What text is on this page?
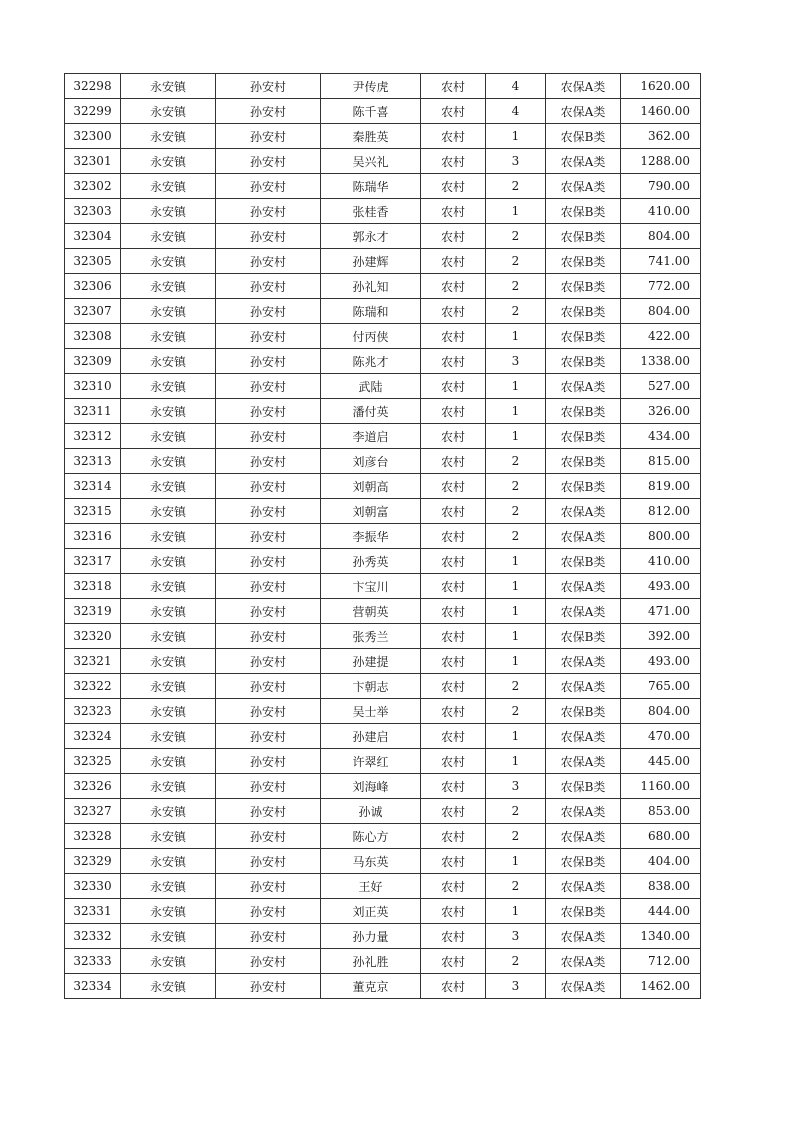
32298	永安镇	孙安村	尹传虎	农村	4	农保A类	1620.00
32299	永安镇	孙安村	陈千喜	农村	4	农保A类	1460.00
32300	永安镇	孙安村	秦胜英	农村	1	农保B类	362.00
32301	永安镇	孙安村	吴兴礼	农村	3	农保A类	1288.00
32302	永安镇	孙安村	陈瑞华	农村	2	农保A类	790.00
32303	永安镇	孙安村	张桂香	农村	1	农保B类	410.00
32304	永安镇	孙安村	郭永才	农村	2	农保B类	804.00
32305	永安镇	孙安村	孙建辉	农村	2	农保B类	741.00
32306	永安镇	孙安村	孙礼知	农村	2	农保B类	772.00
32307	永安镇	孙安村	陈瑞和	农村	2	农保B类	804.00
32308	永安镇	孙安村	付丙侠	农村	1	农保B类	422.00
32309	永安镇	孙安村	陈兆才	农村	3	农保B类	1338.00
32310	永安镇	孙安村	武陆	农村	1	农保A类	527.00
32311	永安镇	孙安村	潘付英	农村	1	农保B类	326.00
32312	永安镇	孙安村	李道启	农村	1	农保B类	434.00
32313	永安镇	孙安村	刘彦台	农村	2	农保B类	815.00
32314	永安镇	孙安村	刘朝高	农村	2	农保B类	819.00
32315	永安镇	孙安村	刘朝富	农村	2	农保A类	812.00
32316	永安镇	孙安村	李振华	农村	2	农保A类	800.00
32317	永安镇	孙安村	孙秀英	农村	1	农保B类	410.00
32318	永安镇	孙安村	卞宝川	农村	1	农保A类	493.00
32319	永安镇	孙安村	营朝英	农村	1	农保A类	471.00
32320	永安镇	孙安村	张秀兰	农村	1	农保B类	392.00
32321	永安镇	孙安村	孙建提	农村	1	农保A类	493.00
32322	永安镇	孙安村	卞朝志	农村	2	农保A类	765.00
32323	永安镇	孙安村	吴士举	农村	2	农保B类	804.00
32324	永安镇	孙安村	孙建启	农村	1	农保A类	470.00
32325	永安镇	孙安村	许翠红	农村	1	农保A类	445.00
32326	永安镇	孙安村	刘海峰	农村	3	农保B类	1160.00
32327	永安镇	孙安村	孙诚	农村	2	农保A类	853.00
32328	永安镇	孙安村	陈心方	农村	2	农保A类	680.00
32329	永安镇	孙安村	马东英	农村	1	农保B类	404.00
32330	永安镇	孙安村	王好	农村	2	农保A类	838.00
32331	永安镇	孙安村	刘正英	农村	1	农保B类	444.00
32332	永安镇	孙安村	孙力量	农村	3	农保A类	1340.00
32333	永安镇	孙安村	孙礼胜	农村	2	农保A类	712.00
32334	永安镇	孙安村	董克京	农村	3	农保A类	1462.00
